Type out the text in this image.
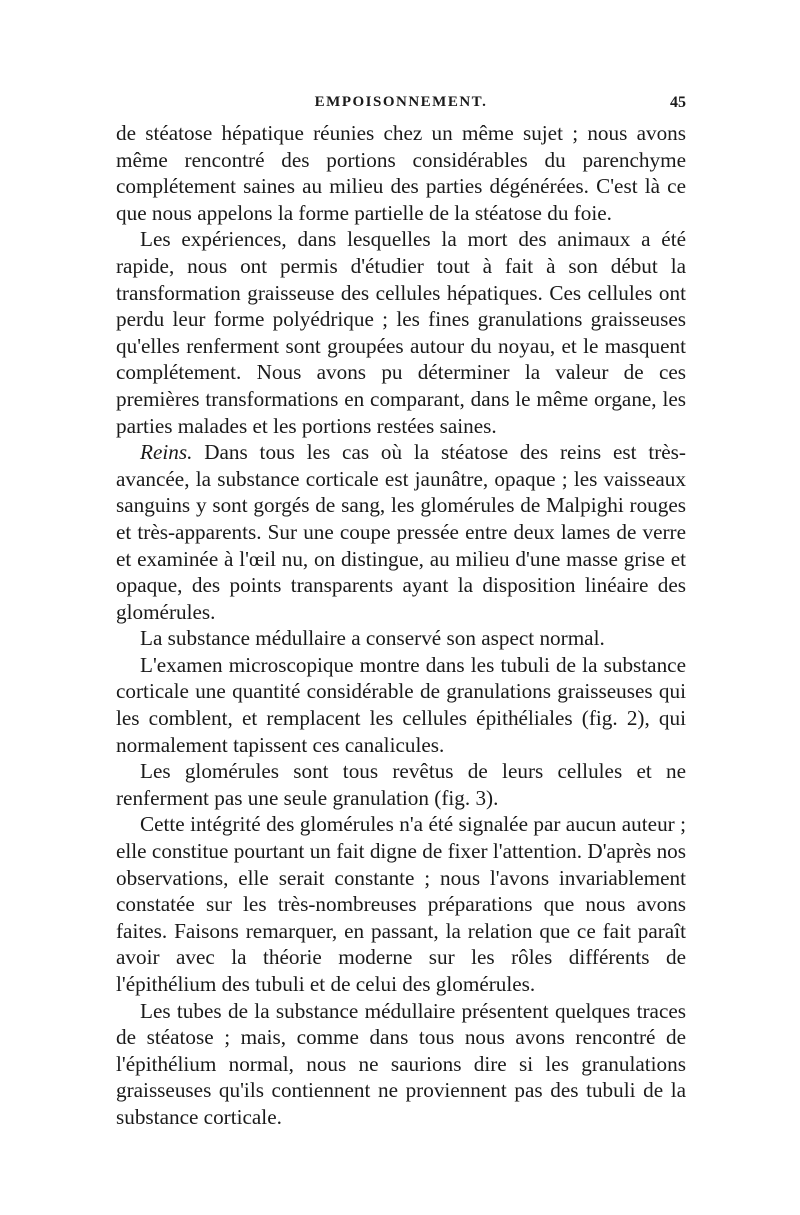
EMPOISONNEMENT.	45

de stéatose hépatique réunies chez un même sujet ; nous avons même rencontré des portions considérables du parenchyme complétement saines au milieu des parties dégénérées. C'est là ce que nous appelons la forme partielle de la stéatose du foie.

Les expériences, dans lesquelles la mort des animaux a été rapide, nous ont permis d'étudier tout à fait à son début la transformation graisseuse des cellules hépatiques. Ces cellules ont perdu leur forme polyédrique ; les fines granulations graisseuses qu'elles renferment sont groupées autour du noyau, et le masquent complétement. Nous avons pu déterminer la valeur de ces premières transformations en comparant, dans le même organe, les parties malades et les portions restées saines.

Reins. Dans tous les cas où la stéatose des reins est très-avancée, la substance corticale est jaunâtre, opaque ; les vaisseaux sanguins y sont gorgés de sang, les glomérules de Malpighi rouges et très-apparents. Sur une coupe pressée entre deux lames de verre et examinée à l'œil nu, on distingue, au milieu d'une masse grise et opaque, des points transparents ayant la disposition linéaire des glomérules.

La substance médullaire a conservé son aspect normal.

L'examen microscopique montre dans les tubuli de la substance corticale une quantité considérable de granulations graisseuses qui les comblent, et remplacent les cellules épithéliales (fig. 2), qui normalement tapissent ces canalicules.

Les glomérules sont tous revêtus de leurs cellules et ne renferment pas une seule granulation (fig. 3).

Cette intégrité des glomérules n'a été signalée par aucun auteur ; elle constitue pourtant un fait digne de fixer l'attention. D'après nos observations, elle serait constante ; nous l'avons invariablement constatée sur les très-nombreuses préparations que nous avons faites. Faisons remarquer, en passant, la relation que ce fait paraît avoir avec la théorie moderne sur les rôles différents de l'épithélium des tubuli et de celui des glomérules.

Les tubes de la substance médullaire présentent quelques traces de stéatose ; mais, comme dans tous nous avons rencontré de l'épithélium normal, nous ne saurions dire si les granulations graisseuses qu'ils contiennent ne proviennent pas des tubuli de la substance corticale.
